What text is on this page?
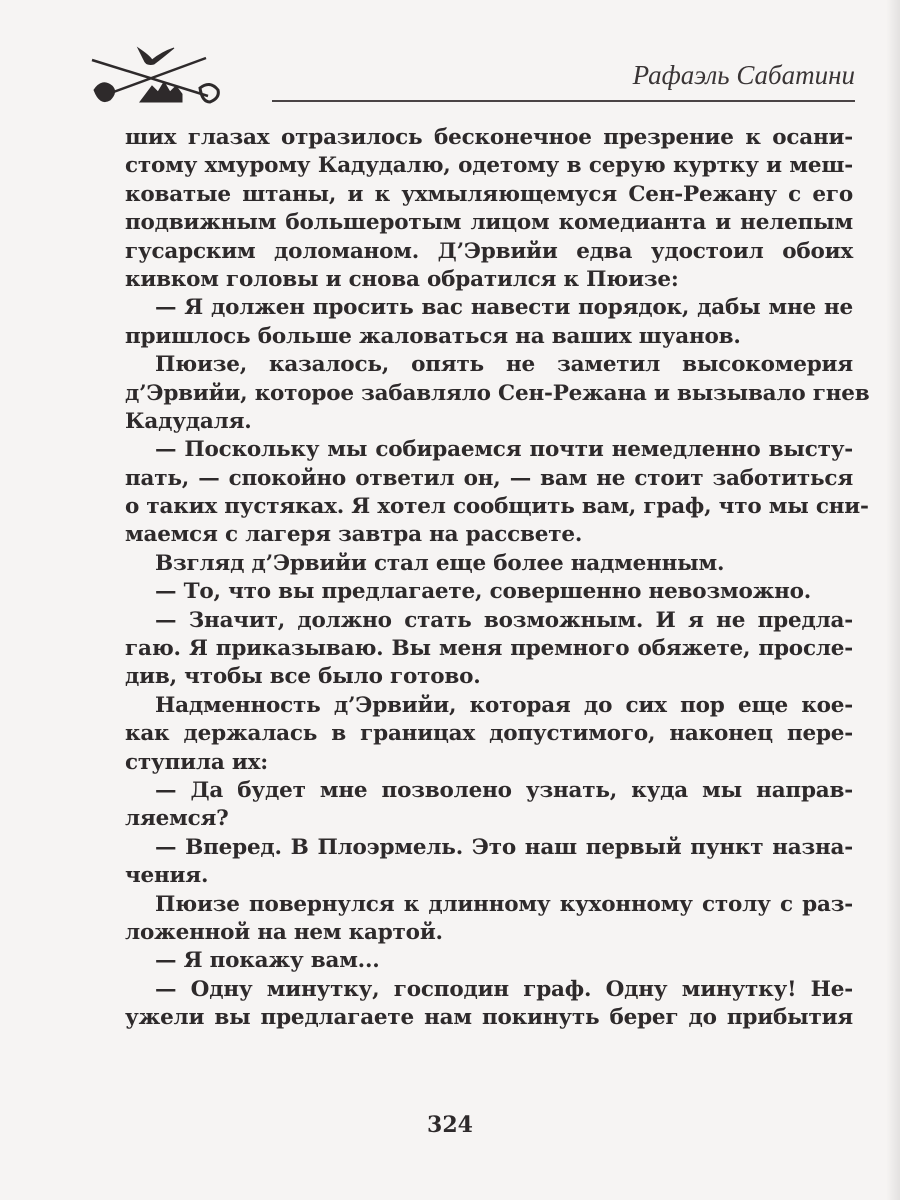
Рафаэль Сабатини
ших глазах отразилось бесконечное презрение к осани-
стому хмурому Кадудалю, одетому в серую куртку и меш-
коватые штаны, и к ухмыляющемуся Сен-Режану с его
подвижным большеротым лицом комедианта и нелепым
гусарским доломаном. Д’Эрвийи едва удостоил обоих
кивком головы и снова обратился к Пюизе:
— Я должен просить вас навести порядок, дабы мне не
пришлось больше жаловаться на ваших шуанов.
Пюизе, казалось, опять не заметил высокомерия
д’Эрвийи, которое забавляло Сен-Режана и вызывало гнев
Кадудаля.
— Поскольку мы собираемся почти немедленно высту-
пать, — спокойно ответил он, — вам не стоит заботиться
о таких пустяках. Я хотел сообщить вам, граф, что мы сни-
маемся с лагеря завтра на рассвете.
Взгляд д’Эрвийи стал еще более надменным.
— То, что вы предлагаете, совершенно невозможно.
— Значит, должно стать возможным. И я не предла-
гаю. Я приказываю. Вы меня премного обяжете, просле-
див, чтобы все было готово.
Надменность д’Эрвийи, которая до сих пор еще кое-
как держалась в границах допустимого, наконец пере-
ступила их:
— Да будет мне позволено узнать, куда мы направ-
ляемся?
— Вперед. В Плоэрмель. Это наш первый пункт назна-
чения.
Пюизе повернулся к длинному кухонному столу с раз-
ложенной на нем картой.
— Я покажу вам...
— Одну минутку, господин граф. Одну минутку! Не-
ужели вы предлагаете нам покинуть берег до прибытия
324
